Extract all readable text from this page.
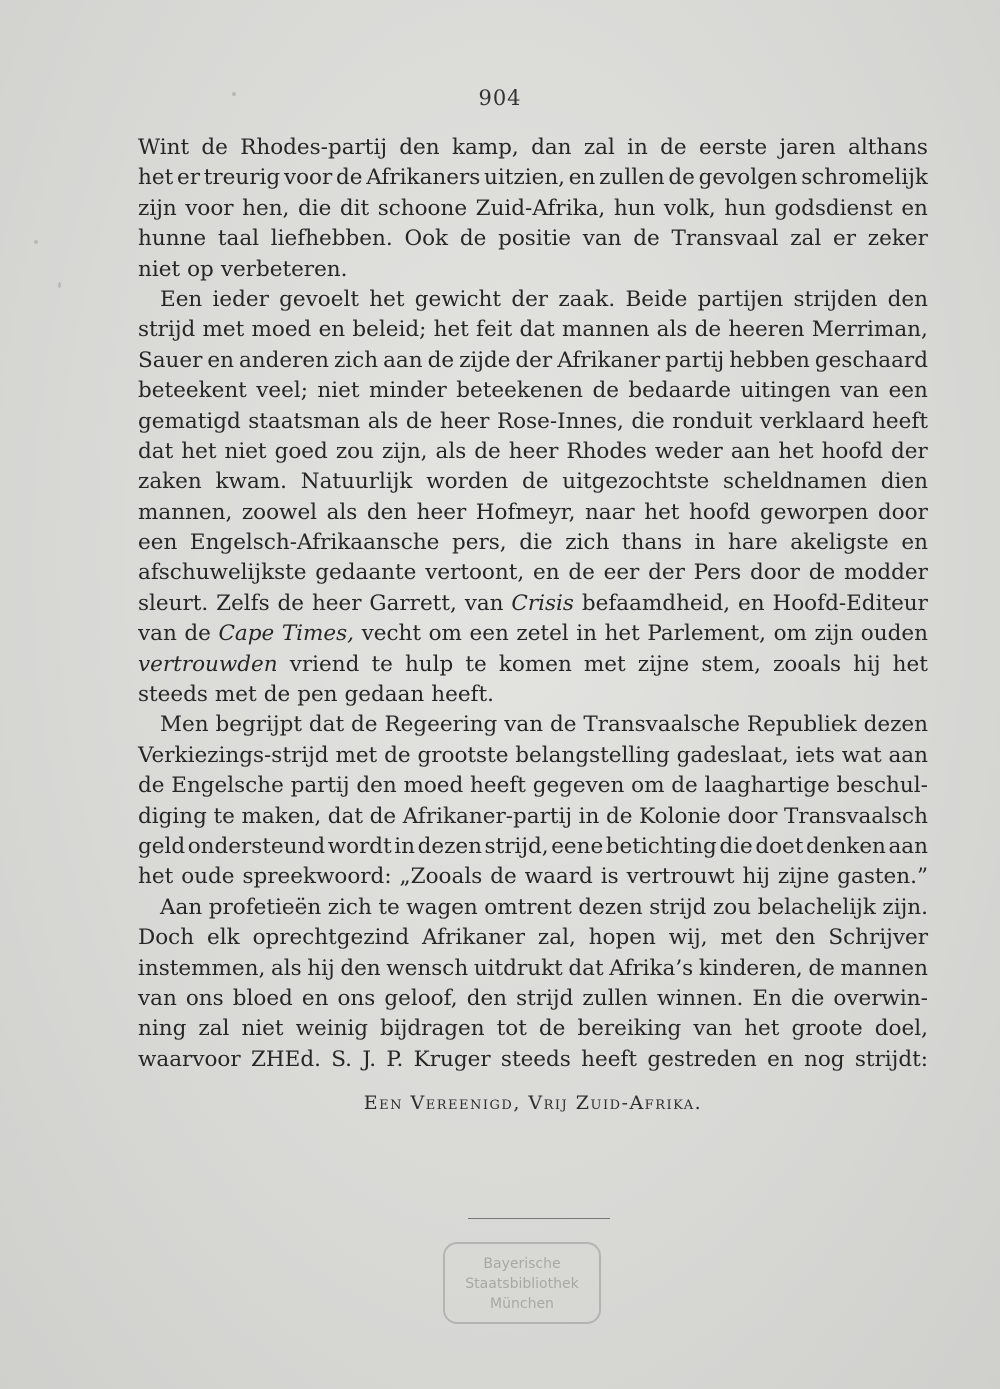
904
Wint de Rhodes-partij den kamp, dan zal in de eerste jaren althans
het er treurig voor de Afrikaners uitzien, en zullen de gevolgen schromelijk
zijn voor hen, die dit schoone Zuid-Afrika, hun volk, hun godsdienst en
hunne taal liefhebben. Ook de positie van de Transvaal zal er zeker
niet op verbeteren.
Een ieder gevoelt het gewicht der zaak. Beide partijen strijden den
strijd met moed en beleid; het feit dat mannen als de heeren Merriman,
Sauer en anderen zich aan de zijde der Afrikaner partij hebben geschaard
beteekent veel; niet minder beteekenen de bedaarde uitingen van een
gematigd staatsman als de heer Rose-Innes, die ronduit verklaard heeft
dat het niet goed zou zijn, als de heer Rhodes weder aan het hoofd der
zaken kwam. Natuurlijk worden de uitgezochtste scheldnamen dien
mannen, zoowel als den heer Hofmeyr, naar het hoofd geworpen door
een Engelsch-Afrikaansche pers, die zich thans in hare akeligste en
afschuwelijkste gedaante vertoont, en de eer der Pers door de modder
sleurt. Zelfs de heer Garrett, van Crisis befaamdheid, en Hoofd-Editeur
van de Cape Times, vecht om een zetel in het Parlement, om zijn ouden
vertrouwden vriend te hulp te komen met zijne stem, zooals hij het
steeds met de pen gedaan heeft.
Men begrijpt dat de Regeering van de Transvaalsche Republiek dezen
Verkiezings-strijd met de grootste belangstelling gadeslaat, iets wat aan
de Engelsche partij den moed heeft gegeven om de laaghartige beschul-
diging te maken, dat de Afrikaner-partij in de Kolonie door Transvaalsch
geld ondersteund wordt in dezen strijd, eene betichting die doet denken aan
het oude spreekwoord: „Zooals de waard is vertrouwt hij zijne gasten.”
Aan profetieën zich te wagen omtrent dezen strijd zou belachelijk zijn.
Doch elk oprechtgezind Afrikaner zal, hopen wij, met den Schrijver
instemmen, als hij den wensch uitdrukt dat Afrika’s kinderen, de mannen
van ons bloed en ons geloof, den strijd zullen winnen. En die overwin-
ning zal niet weinig bijdragen tot de bereiking van het groote doel,
waarvoor ZHEd. S. J. P. Kruger steeds heeft gestreden en nog strijdt:
Een Vereenigd, Vrij Zuid-Afrika.
Bayerische
Staatsbibliothek
München
